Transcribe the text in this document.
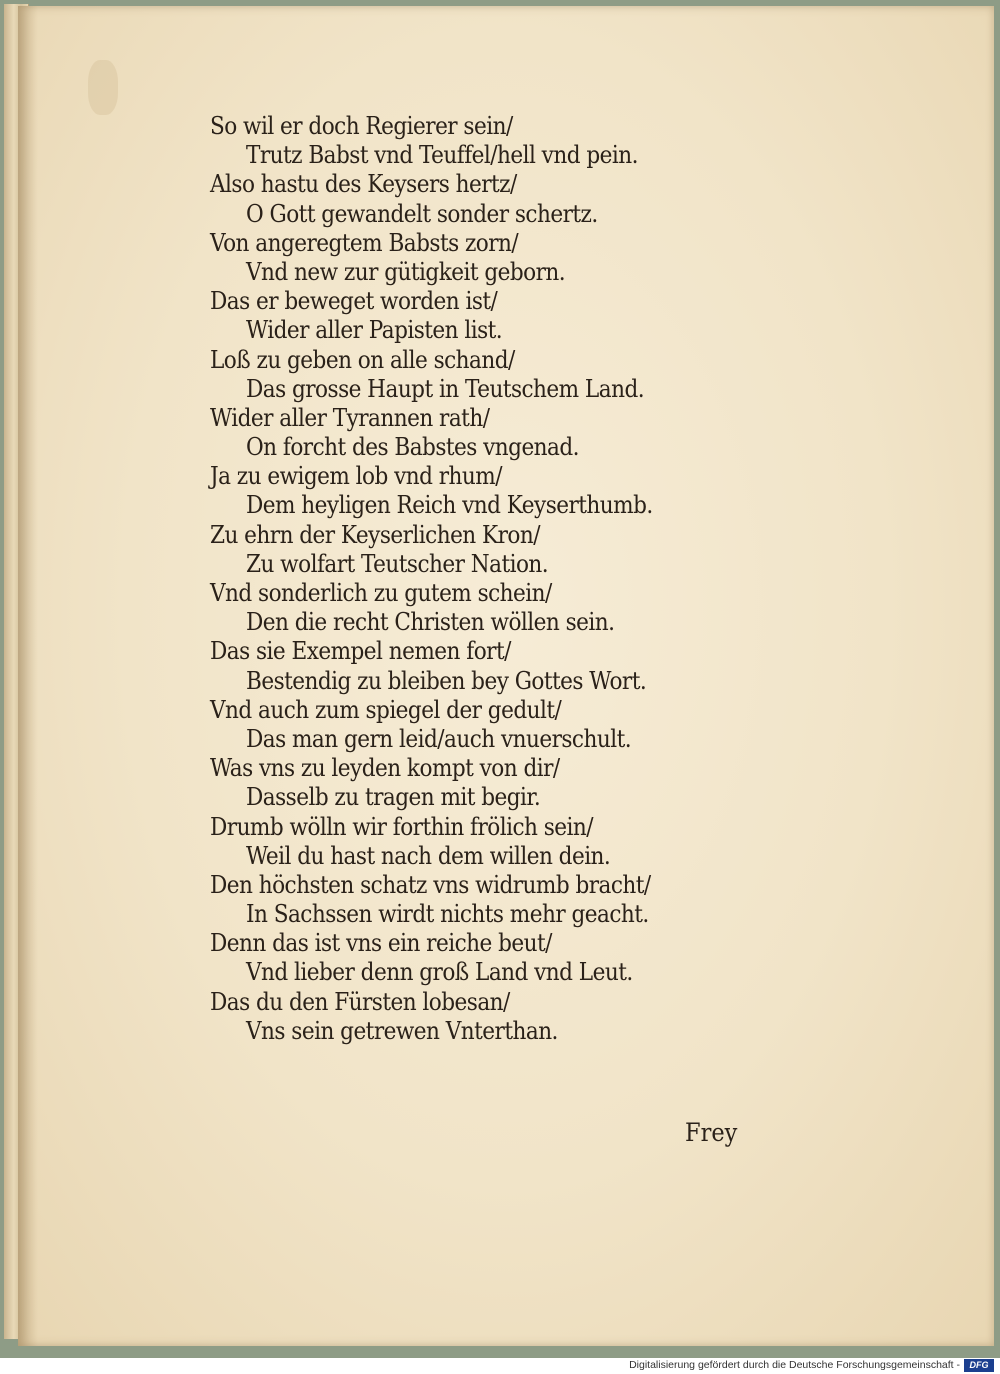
So wil er doch Regierer sein/
Trutz Babst vnd Teuffel/hell vnd pein.
Also hastu des Keysers hertz/
O Gott gewandelt sonder schertz.
Von angeregtem Babsts zorn/
Vnd new zur gütigkeit geborn.
Das er beweget worden ist/
Wider aller Papisten list.
Loß zu geben on alle schand/
Das grosse Haupt in Teutschem Land.
Wider aller Tyrannen rath/
On forcht des Babstes vngenad.
Ja zu ewigem lob vnd rhum/
Dem heyligen Reich vnd Keyserthumb.
Zu ehrn der Keyserlichen Kron/
Zu wolfart Teutscher Nation.
Vnd sonderlich zu gutem schein/
Den die recht Christen wöllen sein.
Das sie Exempel nemen fort/
Bestendig zu bleiben bey Gottes Wort.
Vnd auch zum spiegel der gedult/
Das man gern leid/auch vnuerschult.
Was vns zu leyden kompt von dir/
Dasselb zu tragen mit begir.
Drumb wölln wir forthin frölich sein/
Weil du hast nach dem willen dein.
Den höchsten schatz vns widrumb bracht/
In Sachssen wirdt nichts mehr geacht.
Denn das ist vns ein reiche beut/
Vnd lieber denn groß Land vnd Leut.
Das du den Fürsten lobesan/
Vns sein getrewen Vnterthan.
Frey
Digitalisierung gefördert durch die Deutsche Forschungsgemeinschaft -	DFG
